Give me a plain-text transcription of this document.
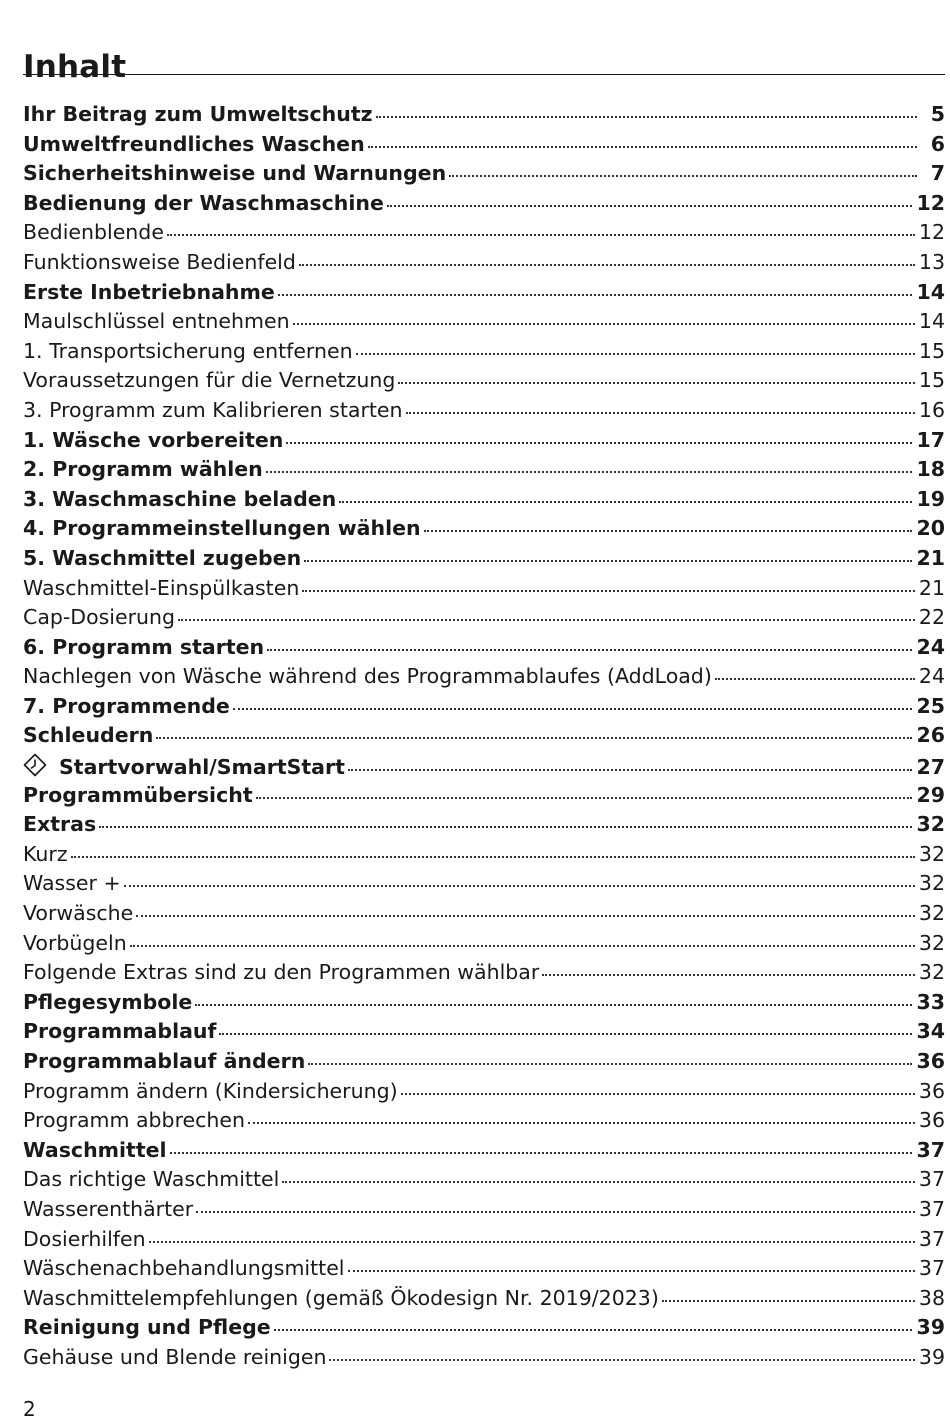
Inhalt
Ihr Beitrag zum Umweltschutz	5
Umweltfreundliches Waschen	6
Sicherheitshinweise und Warnungen	7
Bedienung der Waschmaschine	12
Bedienblende	12
Funktionsweise Bedienfeld	13
Erste Inbetriebnahme	14
Maulschlüssel entnehmen	14
1. Transportsicherung entfernen	15
Voraussetzungen für die Vernetzung	15
3. Programm zum Kalibrieren starten	16
1. Wäsche vorbereiten	17
2. Programm wählen	18
3. Waschmaschine beladen	19
4. Programmeinstellungen wählen	20
5. Waschmittel zugeben	21
Waschmittel-Einspülkasten	21
Cap-Dosierung	22
6. Programm starten	24
Nachlegen von Wäsche während des Programmablaufes (AddLoad)	24
7. Programmende	25
Schleudern	26
Startvorwahl/SmartStart	27
Programmübersicht	29
Extras	32
Kurz	32
Wasser +	32
Vorwäsche	32
Vorbügeln	32
Folgende Extras sind zu den Programmen wählbar	32
Pflegesymbole	33
Programmablauf	34
Programmablauf ändern	36
Programm ändern (Kindersicherung)	36
Programm abbrechen	36
Waschmittel	37
Das richtige Waschmittel	37
Wasserenthärter	37
Dosierhilfen	37
Wäschenachbehandlungsmittel	37
Waschmittelempfehlungen (gemäß Ökodesign Nr. 2019/2023)	38
Reinigung und Pflege	39
Gehäuse und Blende reinigen	39
2
